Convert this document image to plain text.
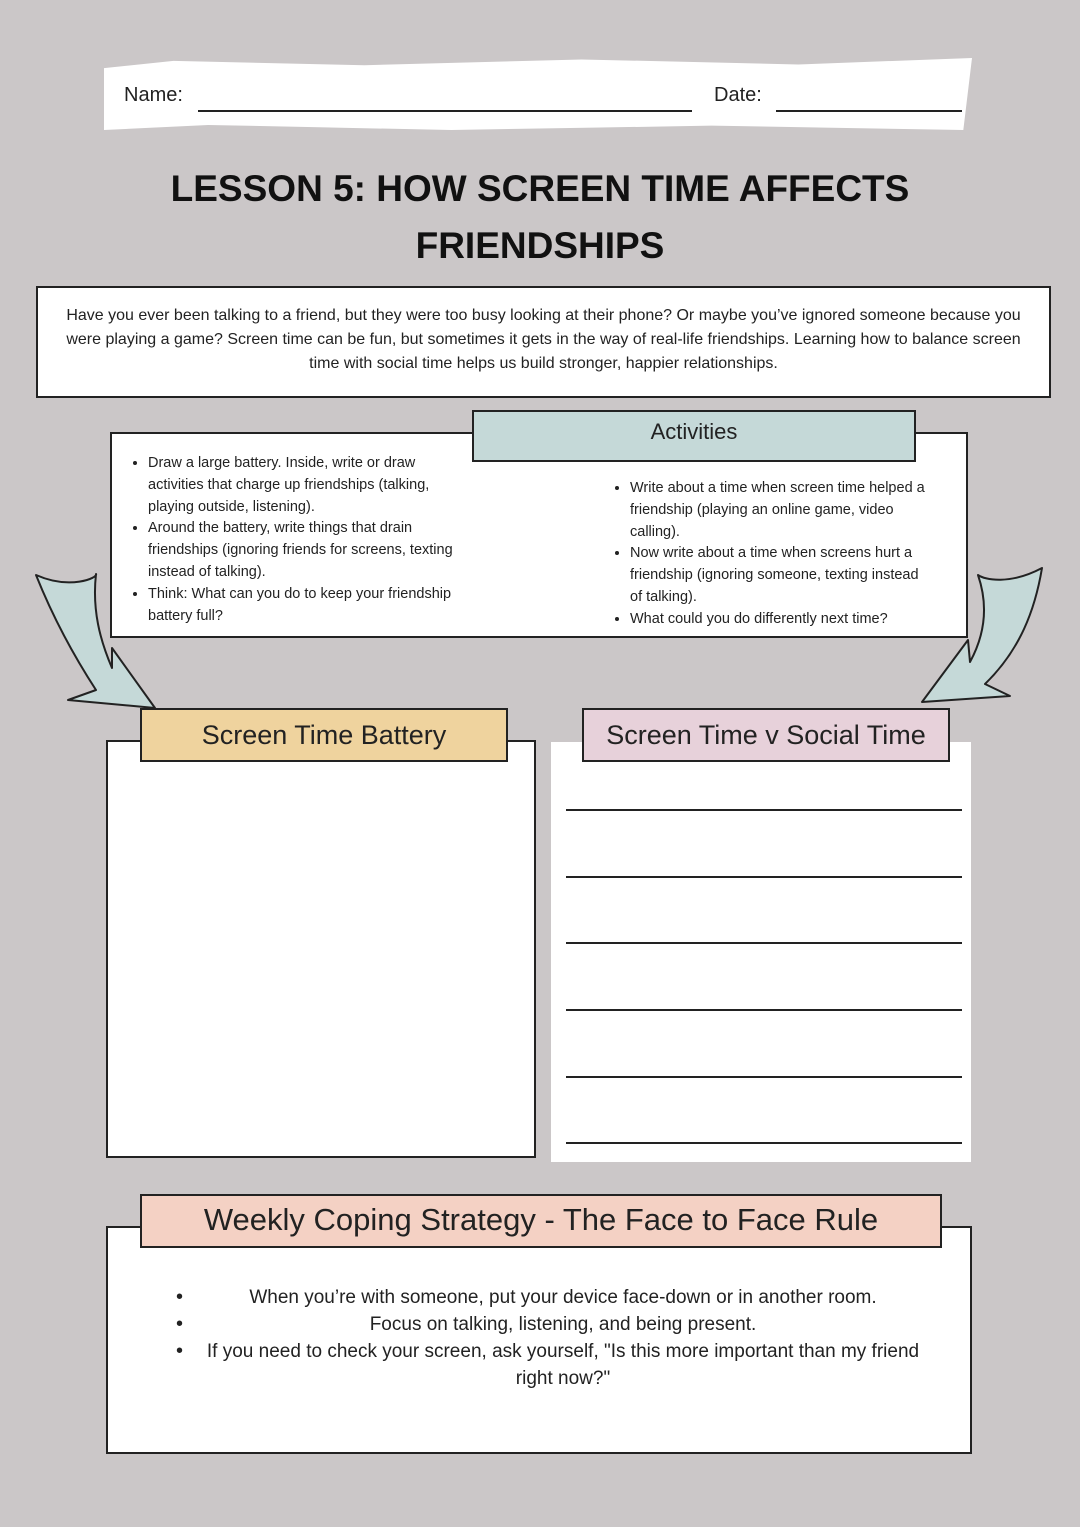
Name:	Date:
LESSON 5: HOW SCREEN TIME AFFECTS
FRIENDSHIPS
Have you ever been talking to a friend, but they were too busy looking at their phone? Or maybe you’ve ignored someone because you were playing a game? Screen time can be fun, but sometimes it gets in the way of real-life friendships. Learning how to balance screen time with social time helps us build stronger, happier relationships.
Activities
• Draw a large battery. Inside, write or draw activities that charge up friendships (talking, playing outside, listening).
• Around the battery, write things that drain friendships (ignoring friends for screens, texting instead of talking).
• Think: What can you do to keep your friendship battery full?
• Write about a time when screen time helped a friendship (playing an online game, video calling).
• Now write about a time when screens hurt a friendship (ignoring someone, texting instead of talking).
• What could you do differently next time?
Screen Time Battery	Screen Time v Social Time
Weekly Coping Strategy - The Face to Face Rule
• When you’re with someone, put your device face-down or in another room.
• Focus on talking, listening, and being present.
• If you need to check your screen, ask yourself, "Is this more important than my friend right now?"
